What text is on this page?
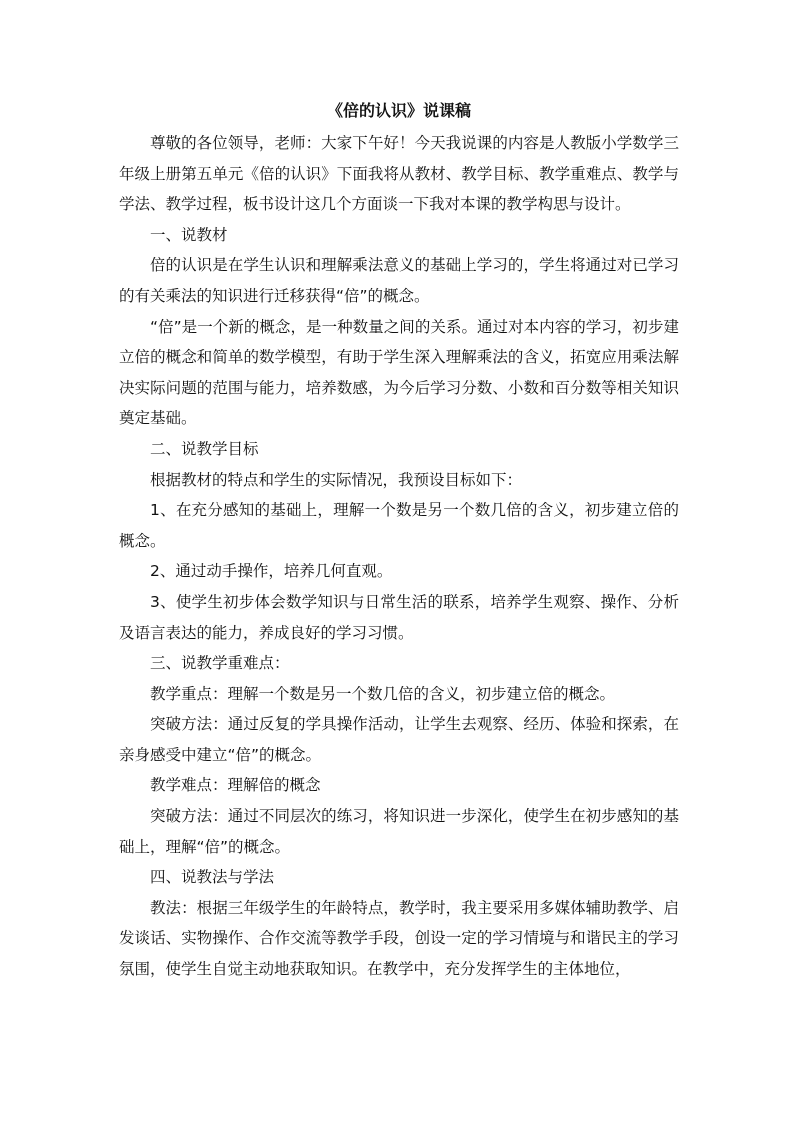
《倍的认识》说课稿

尊敬的各位领导，老师：大家下午好！今天我说课的内容是人教版小学数学三年级上册第五单元《倍的认识》下面我将从教材、教学目标、教学重难点、教学与学法、教学过程，板书设计这几个方面谈一下我对本课的教学构思与设计。

一、说教材

倍的认识是在学生认识和理解乘法意义的基础上学习的，学生将通过对已学习的有关乘法的知识进行迁移获得“倍”的概念。

“倍”是一个新的概念，是一种数量之间的关系。通过对本内容的学习，初步建立倍的概念和简单的数学模型，有助于学生深入理解乘法的含义，拓宽应用乘法解决实际问题的范围与能力，培养数感，为今后学习分数、小数和百分数等相关知识奠定基础。

二、说教学目标

根据教材的特点和学生的实际情况，我预设目标如下：

1、在充分感知的基础上，理解一个数是另一个数几倍的含义，初步建立倍的概念。

2、通过动手操作，培养几何直观。

3、使学生初步体会数学知识与日常生活的联系，培养学生观察、操作、分析及语言表达的能力，养成良好的学习习惯。

三、说教学重难点：

教学重点：理解一个数是另一个数几倍的含义，初步建立倍的概念。

突破方法：通过反复的学具操作活动，让学生去观察、经历、体验和探索，在亲身感受中建立“倍”的概念。

教学难点：理解倍的概念

突破方法：通过不同层次的练习，将知识进一步深化，使学生在初步感知的基础上，理解“倍”的概念。

四、说教法与学法

教法：根据三年级学生的年龄特点，教学时，我主要采用多媒体辅助教学、启发谈话、实物操作、合作交流等教学手段，创设一定的学习情境与和谐民主的学习氛围，使学生自觉主动地获取知识。在教学中，充分发挥学生的主体地位，
